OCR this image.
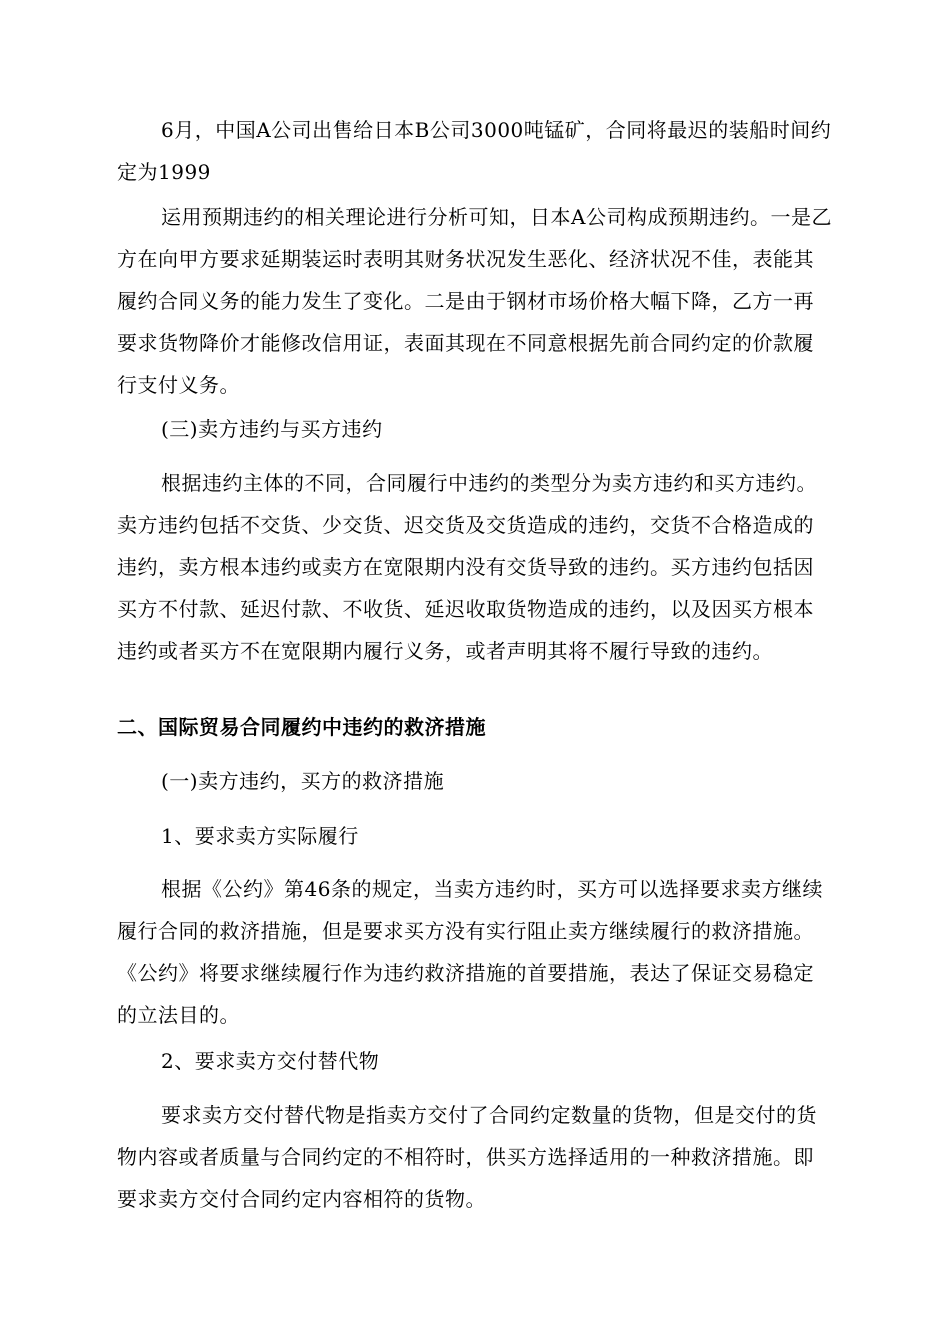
6月，中国A公司出售给日本B公司3000吨锰矿，合同将最迟的装船时间约定为1999

运用预期违约的相关理论进行分析可知，日本A公司构成预期违约。一是乙方在向甲方要求延期装运时表明其财务状况发生恶化、经济状况不佳，表能其履约合同义务的能力发生了变化。二是由于钢材市场价格大幅下降，乙方一再要求货物降价才能修改信用证，表面其现在不同意根据先前合同约定的价款履行支付义务。

(三)卖方违约与买方违约

根据违约主体的不同，合同履行中违约的类型分为卖方违约和买方违约。卖方违约包括不交货、少交货、迟交货及交货造成的违约，交货不合格造成的违约，卖方根本违约或卖方在宽限期内没有交货导致的违约。买方违约包括因买方不付款、延迟付款、不收货、延迟收取货物造成的违约，以及因买方根本违约或者买方不在宽限期内履行义务，或者声明其将不履行导致的违约。

二、国际贸易合同履约中违约的救济措施

(一)卖方违约，买方的救济措施

1、要求卖方实际履行

根据《公约》第46条的规定，当卖方违约时，买方可以选择要求卖方继续履行合同的救济措施，但是要求买方没有实行阻止卖方继续履行的救济措施。《公约》将要求继续履行作为违约救济措施的首要措施，表达了保证交易稳定的立法目的。

2、要求卖方交付替代物

要求卖方交付替代物是指卖方交付了合同约定数量的货物，但是交付的货物内容或者质量与合同约定的不相符时，供买方选择适用的一种救济措施。即要求卖方交付合同约定内容相符的货物。
